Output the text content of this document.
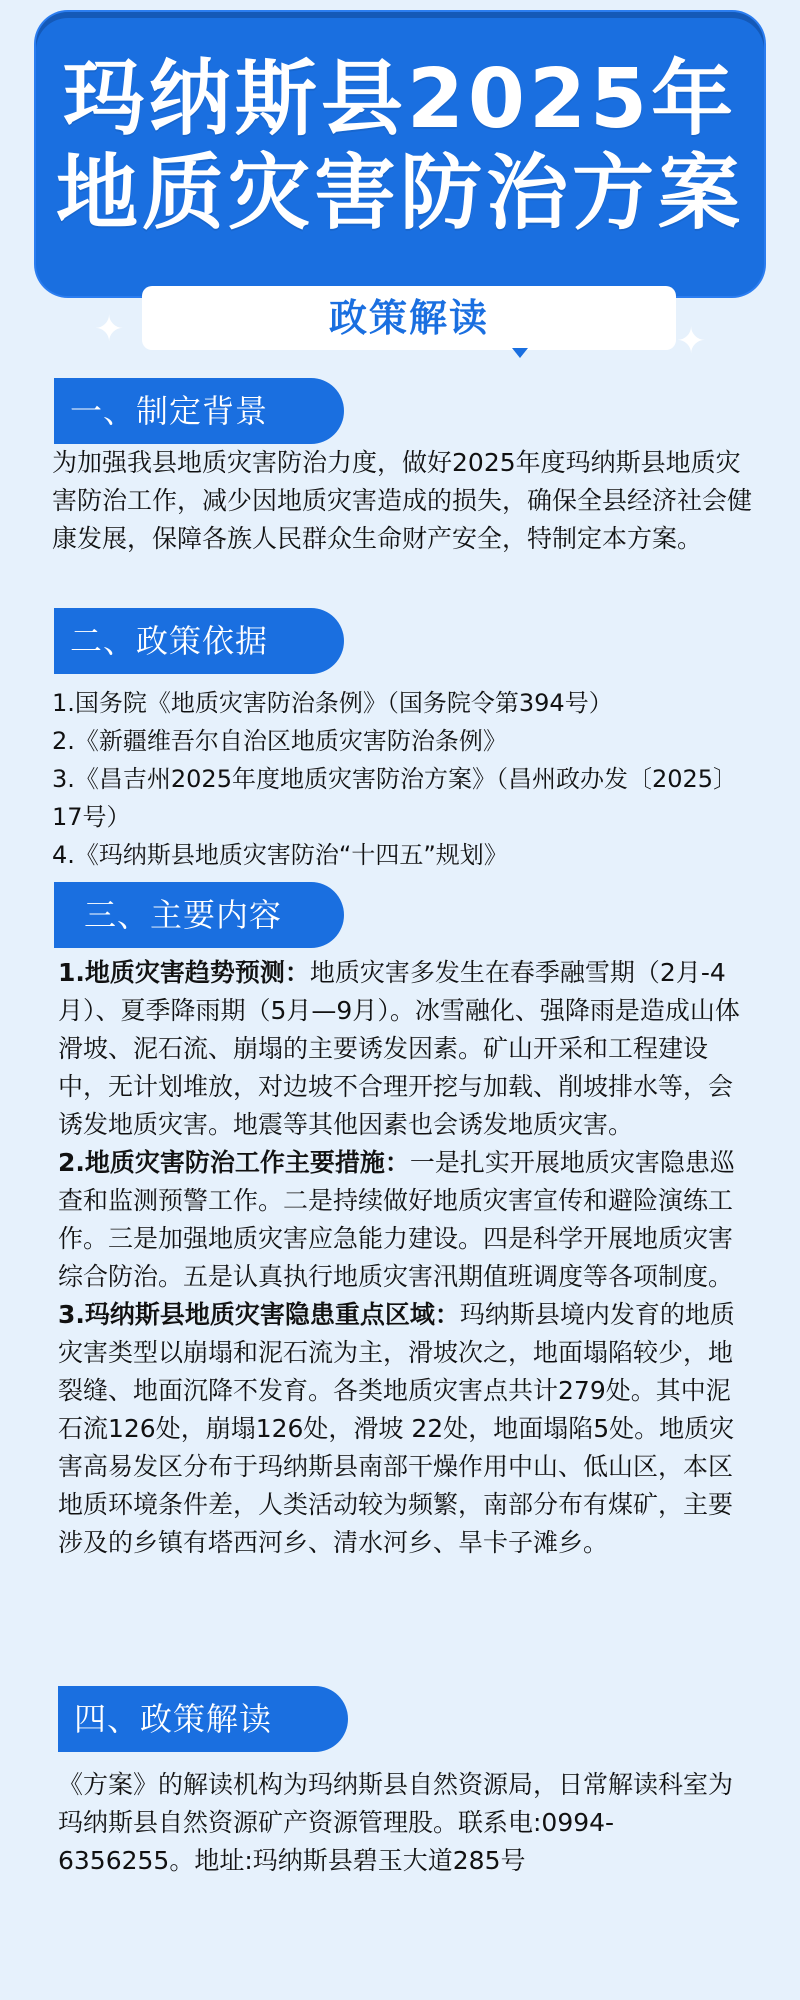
玛纳斯县2025年
地质灾害防治方案
政策解读
✦	✦
一、制定背景
为加强我县地质灾害防治力度，做好2025年度玛纳斯县地质灾害防治工作，减少因地质灾害造成的损失，确保全县经济社会健康发展，保障各族人民群众生命财产安全，特制定本方案。
二、政策依据
1.国务院《地质灾害防治条例》（国务院令第394号）
2.《新疆维吾尔自治区地质灾害防治条例》
3.《昌吉州2025年度地质灾害防治方案》（昌州政办发〔2025〕17号）
4.《玛纳斯县地质灾害防治“十四五”规划》
三、主要内容
1.地质灾害趋势预测：地质灾害多发生在春季融雪期（2月-4月）、夏季降雨期（5月—9月）。冰雪融化、强降雨是造成山体滑坡、泥石流、崩塌的主要诱发因素。矿山开采和工程建设中，无计划堆放，对边坡不合理开挖与加载、削坡排水等，会诱发地质灾害。地震等其他因素也会诱发地质灾害。
2.地质灾害防治工作主要措施：一是扎实开展地质灾害隐患巡查和监测预警工作。二是持续做好地质灾害宣传和避险演练工作。三是加强地质灾害应急能力建设。四是科学开展地质灾害综合防治。五是认真执行地质灾害汛期值班调度等各项制度。
3.玛纳斯县地质灾害隐患重点区域：玛纳斯县境内发育的地质灾害类型以崩塌和泥石流为主，滑坡次之，地面塌陷较少，地裂缝、地面沉降不发育。各类地质灾害点共计279处。其中泥石流126处，崩塌126处，滑坡 22处，地面塌陷5处。地质灾害高易发区分布于玛纳斯县南部干燥作用中山、低山区，本区地质环境条件差，人类活动较为频繁，南部分布有煤矿，主要涉及的乡镇有塔西河乡、清水河乡、旱卡子滩乡。
四、政策解读
《方案》的解读机构为玛纳斯县自然资源局，日常解读科室为玛纳斯县自然资源矿产资源管理股。联系电:0994-6356255。地址:玛纳斯县碧玉大道285号
